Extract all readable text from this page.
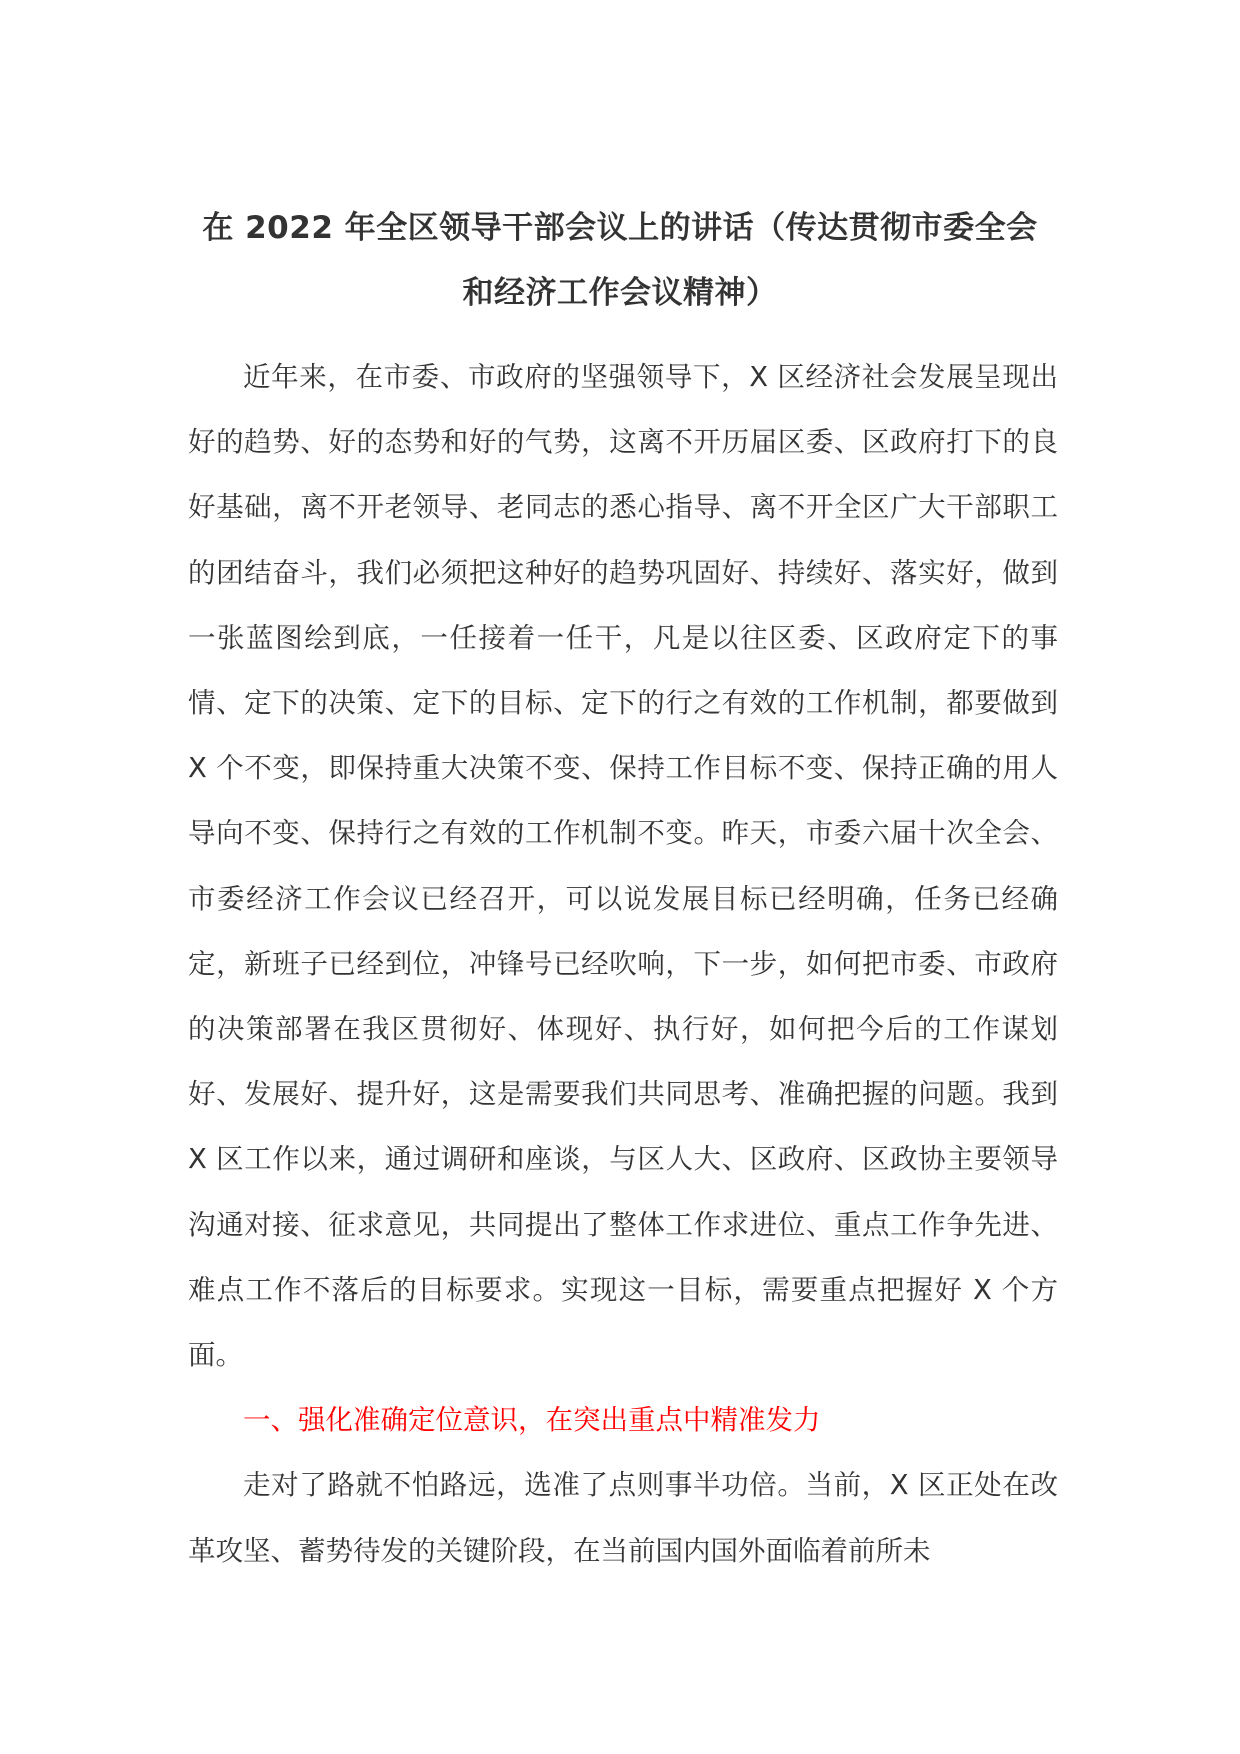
在 2022 年全区领导干部会议上的讲话（传达贯彻市委全会和经济工作会议精神）

近年来，在市委、市政府的坚强领导下，X 区经济社会发展呈现出好的趋势、好的态势和好的气势，这离不开历届区委、区政府打下的良好基础，离不开老领导、老同志的悉心指导、离不开全区广大干部职工的团结奋斗，我们必须把这种好的趋势巩固好、持续好、落实好，做到一张蓝图绘到底，一任接着一任干，凡是以往区委、区政府定下的事情、定下的决策、定下的目标、定下的行之有效的工作机制，都要做到 X 个不变，即保持重大决策不变、保持工作目标不变、保持正确的用人导向不变、保持行之有效的工作机制不变。昨天，市委六届十次全会、市委经济工作会议已经召开，可以说发展目标已经明确，任务已经确定，新班子已经到位，冲锋号已经吹响，下一步，如何把市委、市政府的决策部署在我区贯彻好、体现好、执行好，如何把今后的工作谋划好、发展好、提升好，这是需要我们共同思考、准确把握的问题。我到 X 区工作以来，通过调研和座谈，与区人大、区政府、区政协主要领导沟通对接、征求意见，共同提出了整体工作求进位、重点工作争先进、难点工作不落后的目标要求。实现这一目标，需要重点把握好 X 个方面。

一、强化准确定位意识，在突出重点中精准发力

走对了路就不怕路远，选准了点则事半功倍。当前，X 区正处在改革攻坚、蓄势待发的关键阶段，在当前国内国外面临着前所未
